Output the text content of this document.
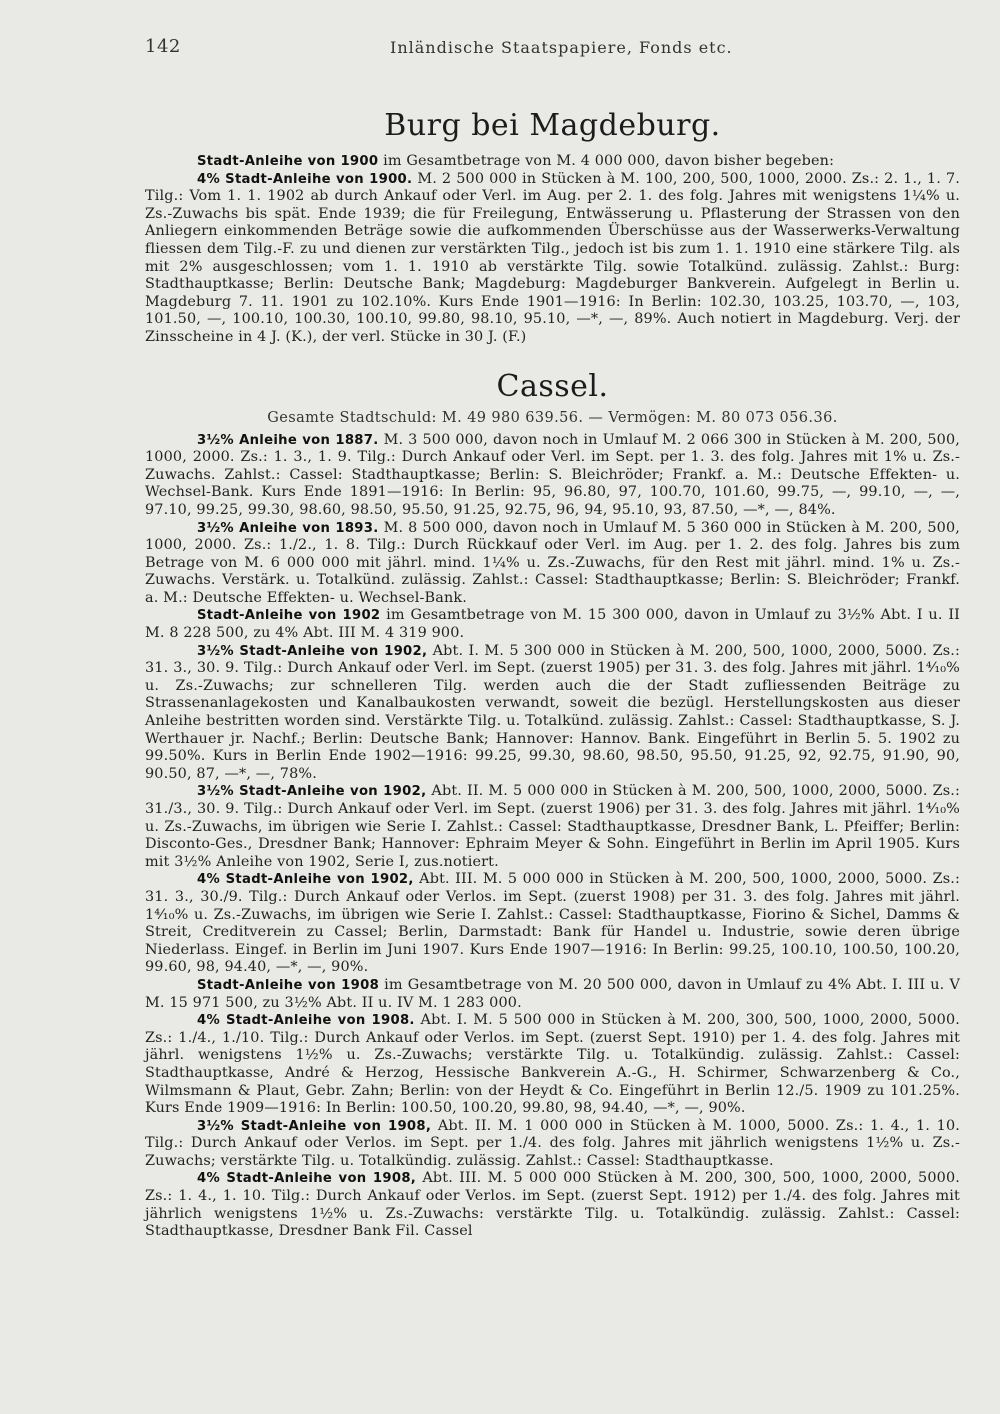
142	Inländische Staatspapiere, Fonds etc.
Burg bei Magdeburg.

Stadt-Anleihe von 1900 im Gesamtbetrage von M. 4 000 000, davon bisher begeben:

4% Stadt-Anleihe von 1900. M. 2 500 000 in Stücken à M. 100, 200, 500, 1000, 2000. Zs.: 2. 1., 1. 7. Tilg.: Vom 1. 1. 1902 ab durch Ankauf oder Verl. im Aug. per 2. 1. des folg. Jahres mit wenigstens 1¼% u. Zs.-Zuwachs bis spät. Ende 1939; die für Freilegung, Entwässerung u. Pflasterung der Strassen von den Anliegern einkommenden Beträge sowie die aufkommenden Überschüsse aus der Wasserwerks-Verwaltung fliessen dem Tilg.-F. zu und dienen zur verstärkten Tilg., jedoch ist bis zum 1. 1. 1910 eine stärkere Tilg. als mit 2% ausgeschlossen; vom 1. 1. 1910 ab verstärkte Tilg. sowie Totalkünd. zulässig. Zahlst.: Burg: Stadthauptkasse; Berlin: Deutsche Bank; Magdeburg: Magdeburger Bankverein. Aufgelegt in Berlin u. Magdeburg 7. 11. 1901 zu 102.10%. Kurs Ende 1901—1916: In Berlin: 102.30, 103.25, 103.70, —, 103, 101.50, —, 100.10, 100.30, 100.10, 99.80, 98.10, 95.10, —*, —, 89%. Auch notiert in Magdeburg. Verj. der Zinsscheine in 4 J. (K.), der verl. Stücke in 30 J. (F.)

Cassel.
Gesamte Stadtschuld: M. 49 980 639.56. — Vermögen: M. 80 073 056.36.

3½% Anleihe von 1887. M. 3 500 000, davon noch in Umlauf M. 2 066 300 in Stücken à M. 200, 500, 1000, 2000. Zs.: 1. 3., 1. 9. Tilg.: Durch Ankauf oder Verl. im Sept. per 1. 3. des folg. Jahres mit 1% u. Zs.-Zuwachs. Zahlst.: Cassel: Stadthauptkasse; Berlin: S. Bleichröder; Frankf. a. M.: Deutsche Effekten- u. Wechsel-Bank. Kurs Ende 1891—1916: In Berlin: 95, 96.80, 97, 100.70, 101.60, 99.75, —, 99.10, —, —, 97.10, 99.25, 99.30, 98.60, 98.50, 95.50, 91.25, 92.75, 96, 94, 95.10, 93, 87.50, —*, —, 84%.

3½% Anleihe von 1893. M. 8 500 000, davon noch in Umlauf M. 5 360 000 in Stücken à M. 200, 500, 1000, 2000. Zs.: 1./2., 1. 8. Tilg.: Durch Rückkauf oder Verl. im Aug. per 1. 2. des folg. Jahres bis zum Betrage von M. 6 000 000 mit jährl. mind. 1¼% u. Zs.-Zuwachs, für den Rest mit jährl. mind. 1% u. Zs.-Zuwachs. Verstärk. u. Totalkünd. zulässig. Zahlst.: Cassel: Stadthauptkasse; Berlin: S. Bleichröder; Frankf. a. M.: Deutsche Effekten- u. Wechsel-Bank.

Stadt-Anleihe von 1902 im Gesamtbetrage von M. 15 300 000, davon in Umlauf zu 3½% Abt. I u. II M. 8 228 500, zu 4% Abt. III M. 4 319 900.

3½% Stadt-Anleihe von 1902, Abt. I. M. 5 300 000 in Stücken à M. 200, 500, 1000, 2000, 5000. Zs.: 31. 3., 30. 9. Tilg.: Durch Ankauf oder Verl. im Sept. (zuerst 1905) per 31. 3. des folg. Jahres mit jährl. 1⁴⁄₁₀% u. Zs.-Zuwachs; zur schnelleren Tilg. werden auch die der Stadt zufliessenden Beiträge zu Strassenanlagekosten und Kanalbaukosten verwandt, soweit die bezügl. Herstellungskosten aus dieser Anleihe bestritten worden sind. Verstärkte Tilg. u. Totalkünd. zulässig. Zahlst.: Cassel: Stadthauptkasse, S. J. Werthauer jr. Nachf.; Berlin: Deutsche Bank; Hannover: Hannov. Bank. Eingeführt in Berlin 5. 5. 1902 zu 99.50%. Kurs in Berlin Ende 1902—1916: 99.25, 99.30, 98.60, 98.50, 95.50, 91.25, 92, 92.75, 91.90, 90, 90.50, 87, —*, —, 78%.

3½% Stadt-Anleihe von 1902, Abt. II. M. 5 000 000 in Stücken à M. 200, 500, 1000, 2000, 5000. Zs.: 31./3., 30. 9. Tilg.: Durch Ankauf oder Verl. im Sept. (zuerst 1906) per 31. 3. des folg. Jahres mit jährl. 1⁴⁄₁₀% u. Zs.-Zuwachs, im übrigen wie Serie I. Zahlst.: Cassel: Stadthauptkasse, Dresdner Bank, L. Pfeiffer; Berlin: Disconto-Ges., Dresdner Bank; Hannover: Ephraim Meyer & Sohn. Eingeführt in Berlin im April 1905. Kurs mit 3½% Anleihe von 1902, Serie I, zus.notiert.

4% Stadt-Anleihe von 1902, Abt. III. M. 5 000 000 in Stücken à M. 200, 500, 1000, 2000, 5000. Zs.: 31. 3., 30./9. Tilg.: Durch Ankauf oder Verlos. im Sept. (zuerst 1908) per 31. 3. des folg. Jahres mit jährl. 1⁴⁄₁₀% u. Zs.-Zuwachs, im übrigen wie Serie I. Zahlst.: Cassel: Stadthauptkasse, Fiorino & Sichel, Damms & Streit, Creditverein zu Cassel; Berlin, Darmstadt: Bank für Handel u. Industrie, sowie deren übrige Niederlass. Eingef. in Berlin im Juni 1907. Kurs Ende 1907—1916: In Berlin: 99.25, 100.10, 100.50, 100.20, 99.60, 98, 94.40, —*, —, 90%.

Stadt-Anleihe von 1908 im Gesamtbetrage von M. 20 500 000, davon in Umlauf zu 4% Abt. I. III u. V M. 15 971 500, zu 3½% Abt. II u. IV M. 1 283 000.

4% Stadt-Anleihe von 1908. Abt. I. M. 5 500 000 in Stücken à M. 200, 300, 500, 1000, 2000, 5000. Zs.: 1./4., 1./10. Tilg.: Durch Ankauf oder Verlos. im Sept. (zuerst Sept. 1910) per 1. 4. des folg. Jahres mit jährl. wenigstens 1½% u. Zs.-Zuwachs; verstärkte Tilg. u. Totalkündig. zulässig. Zahlst.: Cassel: Stadthauptkasse, André & Herzog, Hessische Bankverein A.-G., H. Schirmer, Schwarzenberg & Co., Wilmsmann & Plaut, Gebr. Zahn; Berlin: von der Heydt & Co. Eingeführt in Berlin 12./5. 1909 zu 101.25%. Kurs Ende 1909—1916: In Berlin: 100.50, 100.20, 99.80, 98, 94.40, —*, —, 90%.

3½% Stadt-Anleihe von 1908, Abt. II. M. 1 000 000 in Stücken à M. 1000, 5000. Zs.: 1. 4., 1. 10. Tilg.: Durch Ankauf oder Verlos. im Sept. per 1./4. des folg. Jahres mit jährlich wenigstens 1½% u. Zs.-Zuwachs; verstärkte Tilg. u. Totalkündig. zulässig. Zahlst.: Cassel: Stadthauptkasse.

4% Stadt-Anleihe von 1908, Abt. III. M. 5 000 000 Stücken à M. 200, 300, 500, 1000, 2000, 5000. Zs.: 1. 4., 1. 10. Tilg.: Durch Ankauf oder Verlos. im Sept. (zuerst Sept. 1912) per 1./4. des folg. Jahres mit jährlich wenigstens 1½% u. Zs.-Zuwachs: verstärkte Tilg. u. Totalkündig. zulässig. Zahlst.: Cassel: Stadthauptkasse, Dresdner Bank Fil. Cassel
